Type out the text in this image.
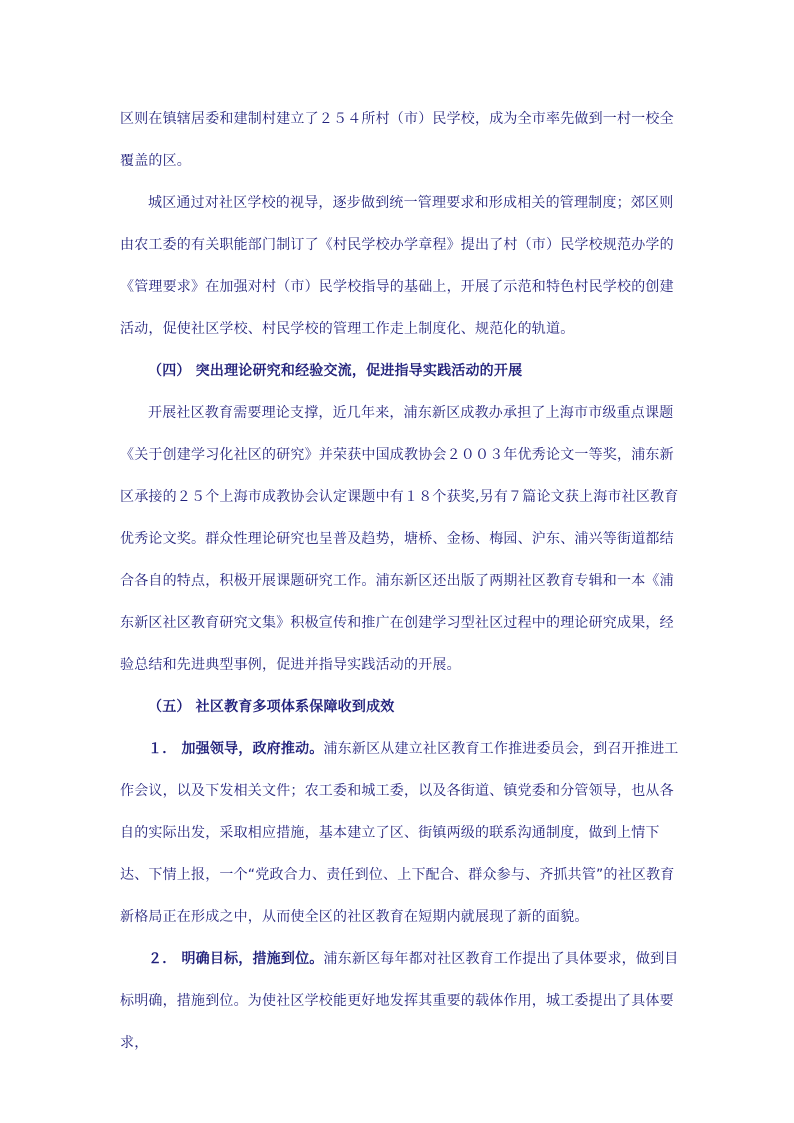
区则在镇辖居委和建制村建立了２５４所村（市）民学校，成为全市率先做到一村一校全覆盖的区。

城区通过对社区学校的视导，逐步做到统一管理要求和形成相关的管理制度；郊区则由农工委的有关职能部门制订了《村民学校办学章程》提出了村（市）民学校规范办学的《管理要求》在加强对村（市）民学校指导的基础上，开展了示范和特色村民学校的创建活动，促使社区学校、村民学校的管理工作走上制度化、规范化的轨道。

（四） 突出理论研究和经验交流，促进指导实践活动的开展

开展社区教育需要理论支撑，近几年来，浦东新区成教办承担了上海市市级重点课题《关于创建学习化社区的研究》并荣获中国成教协会２００３年优秀论文一等奖，浦东新区承接的２５个上海市成教协会认定课题中有１８个获奖,另有７篇论文获上海市社区教育优秀论文奖。群众性理论研究也呈普及趋势，塘桥、金杨、梅园、沪东、浦兴等街道都结合各自的特点，积极开展课题研究工作。浦东新区还出版了两期社区教育专辑和一本《浦东新区社区教育研究文集》积极宣传和推广在创建学习型社区过程中的理论研究成果，经验总结和先进典型事例，促进并指导实践活动的开展。

（五） 社区教育多项体系保障收到成效

１． 加强领导，政府推动。浦东新区从建立社区教育工作推进委员会，到召开推进工作会议，以及下发相关文件；农工委和城工委，以及各街道、镇党委和分管领导，也从各自的实际出发，采取相应措施，基本建立了区、街镇两级的联系沟通制度，做到上情下达、下情上报，一个“党政合力、责任到位、上下配合、群众参与、齐抓共管”的社区教育新格局正在形成之中，从而使全区的社区教育在短期内就展现了新的面貌。

２． 明确目标，措施到位。浦东新区每年都对社区教育工作提出了具体要求，做到目标明确，措施到位。为使社区学校能更好地发挥其重要的载体作用，城工委提出了具体要求，
